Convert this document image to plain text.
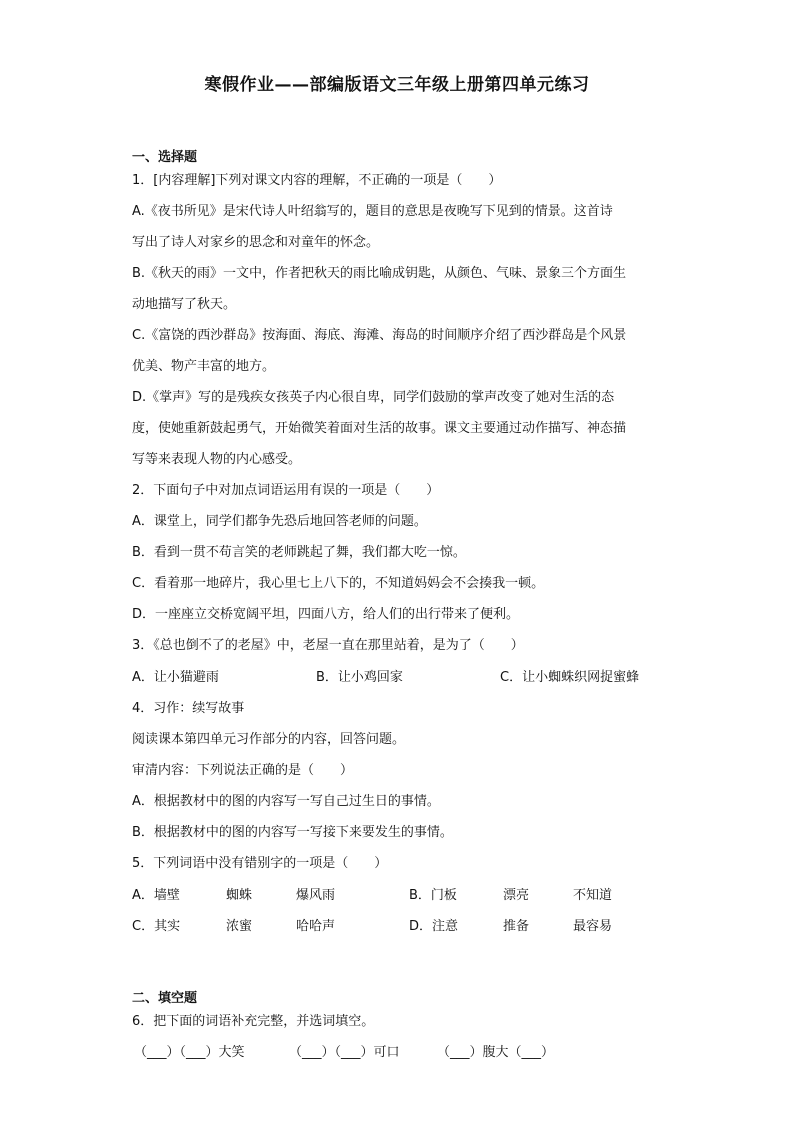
寒假作业——部编版语文三年级上册第四单元练习
一、选择题
1．[内容理解]下列对课文内容的理解，不正确的一项是（　　）
A.《夜书所见》是宋代诗人叶绍翁写的，题目的意思是夜晚写下见到的情景。这首诗
写出了诗人对家乡的思念和对童年的怀念。
B.《秋天的雨》一文中，作者把秋天的雨比喻成钥匙，从颜色、气味、景象三个方面生
动地描写了秋天。
C.《富饶的西沙群岛》按海面、海底、海滩、海岛的时间顺序介绍了西沙群岛是个风景
优美、物产丰富的地方。
D.《掌声》写的是残疾女孩英子内心很自卑，同学们鼓励的掌声改变了她对生活的态
度，使她重新鼓起勇气，开始微笑着面对生活的故事。课文主要通过动作描写、神态描
写等来表现人物的内心感受。
2．下面句子中对加点词语运用有误的一项是（　　）
A．课堂上，同学们都争先恐后地回答老师的问题。
B．看到一贯不苟言笑的老师跳起了舞，我们都大吃一惊。
C．看着那一地碎片，我心里七上八下的，不知道妈妈会不会揍我一顿。
D．一座座立交桥宽阔平坦，四面八方，给人们的出行带来了便利。
3．《总也倒不了的老屋》中，老屋一直在那里站着，是为了（　　）
A．让小猫避雨	B．让小鸡回家	C．让小蜘蛛织网捉蜜蜂
4．习作：续写故事
阅读课本第四单元习作部分的内容，回答问题。
审清内容：下列说法正确的是（　　）
A．根据教材中的图的内容写一写自己过生日的事情。
B．根据教材中的图的内容写一写接下来要发生的事情。
5．下列词语中没有错别字的一项是（　　）
A．墙壁	蜘蛛	爆风雨	B．门板	漂亮	不知道
C．其实	浓蜜	哈哈声	D．注意	推备	最容易
二、填空题
6．把下面的词语补充完整，并选词填空。
（___）（___）大笑	（___）（___）可口	（___）腹大（___）
